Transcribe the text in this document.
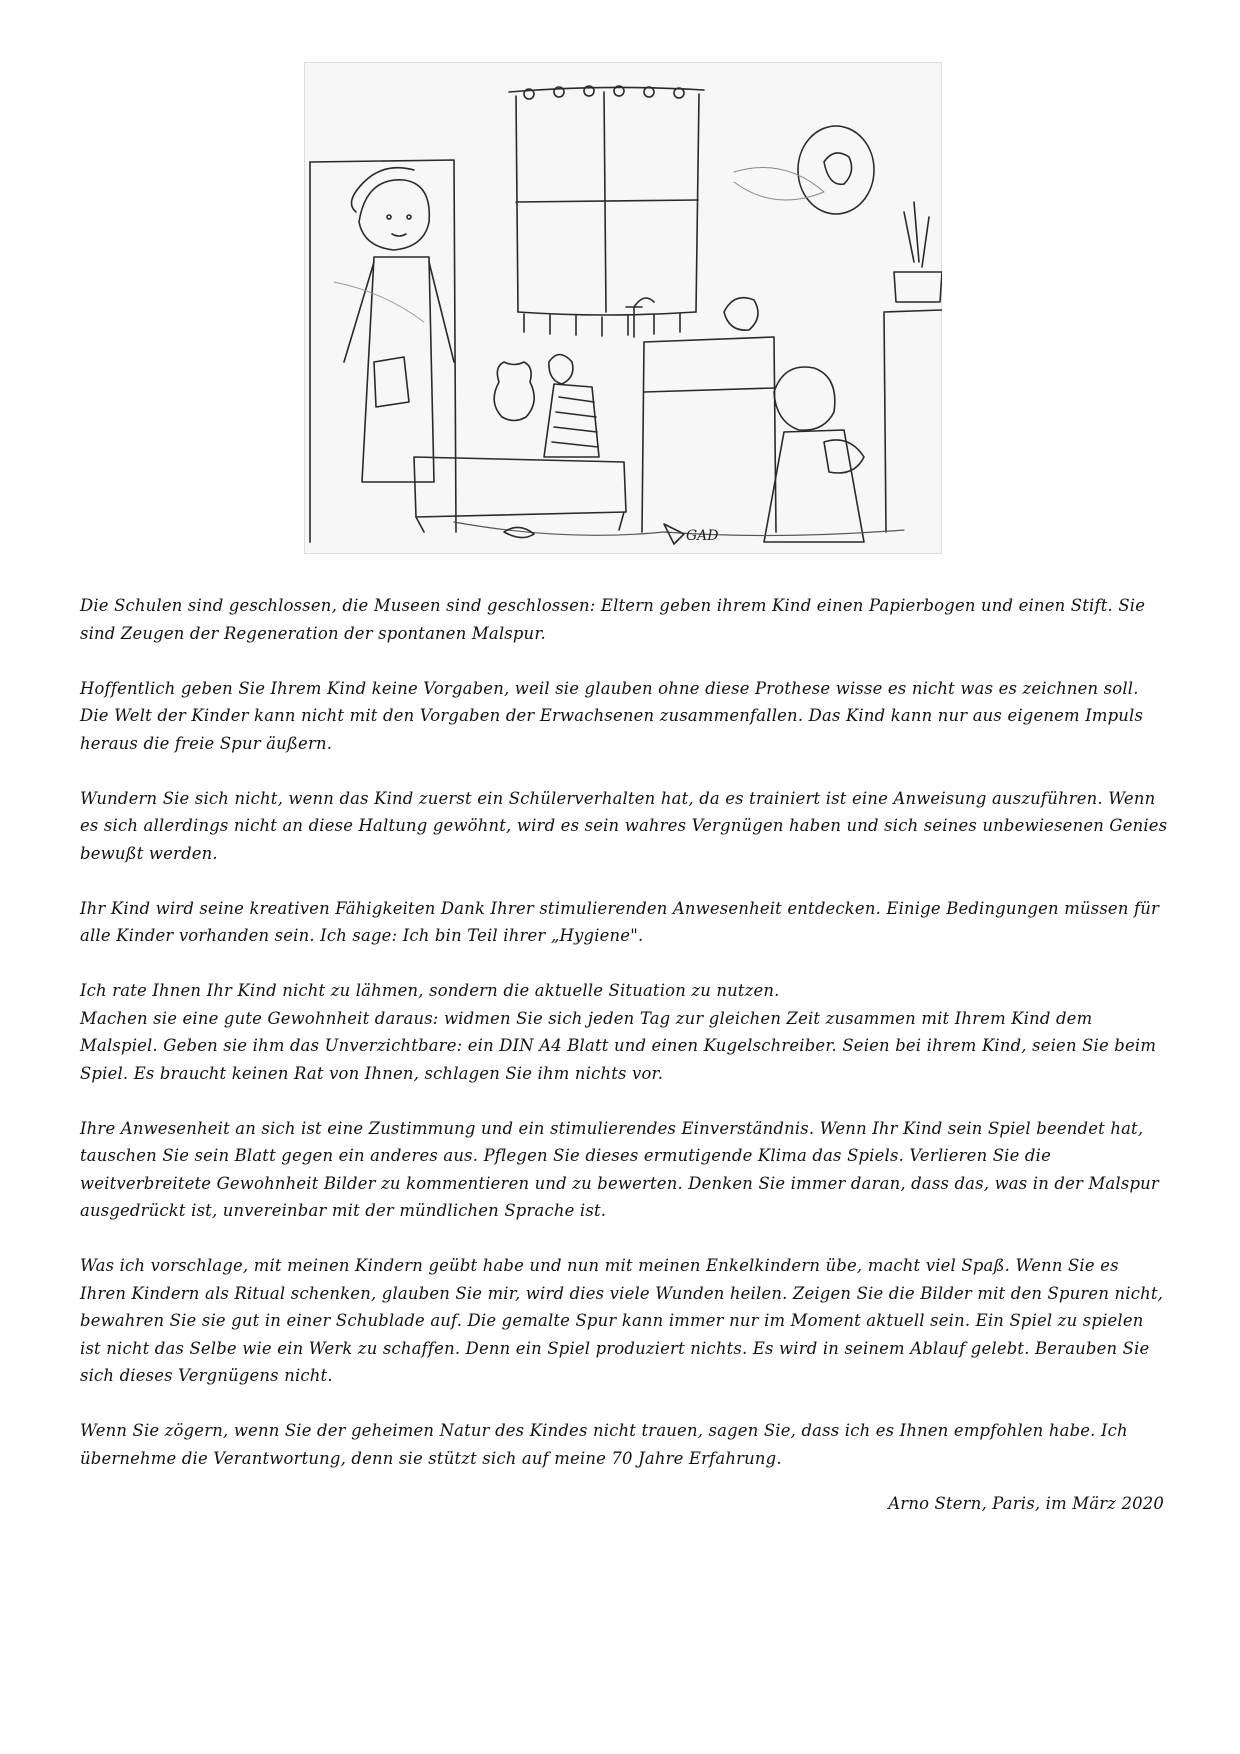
GAD

Die Schulen sind geschlossen, die Museen sind geschlossen: Eltern geben ihrem Kind einen Papierbogen und einen Stift. Sie sind Zeugen der Regeneration der spontanen Malspur.

Hoffentlich geben Sie Ihrem Kind keine Vorgaben, weil sie glauben ohne diese Prothese wisse es nicht was es zeichnen soll. Die Welt der Kinder kann nicht mit den Vorgaben der Erwachsenen zusammenfallen. Das Kind kann nur aus eigenem Impuls heraus die freie Spur äußern.

Wundern Sie sich nicht, wenn das Kind zuerst ein Schülerverhalten hat, da es trainiert ist eine Anweisung auszuführen. Wenn es sich allerdings nicht an diese Haltung gewöhnt, wird es sein wahres Vergnügen haben und sich seines unbewiesenen Genies bewußt werden.

Ihr Kind wird seine kreativen Fähigkeiten Dank Ihrer stimulierenden Anwesenheit entdecken. Einige Bedingungen müssen für alle Kinder vorhanden sein. Ich sage: Ich bin Teil ihrer „Hygiene".

Ich rate Ihnen Ihr Kind nicht zu lähmen, sondern die aktuelle Situation zu nutzen.
Machen sie eine gute Gewohnheit daraus: widmen Sie sich jeden Tag zur gleichen Zeit zusammen mit Ihrem Kind dem Malspiel. Geben sie ihm das Unverzichtbare: ein DIN A4 Blatt und einen Kugelschreiber. Seien bei ihrem Kind, seien Sie beim Spiel. Es braucht keinen Rat von Ihnen, schlagen Sie ihm nichts vor.

Ihre Anwesenheit an sich ist eine Zustimmung und ein stimulierendes Einverständnis. Wenn Ihr Kind sein Spiel beendet hat, tauschen Sie sein Blatt gegen ein anderes aus. Pflegen Sie dieses ermutigende Klima das Spiels. Verlieren Sie die weitverbreitete Gewohnheit Bilder zu kommentieren und zu bewerten. Denken Sie immer daran, dass das, was in der Malspur ausgedrückt ist, unvereinbar mit der mündlichen Sprache ist.

Was ich vorschlage, mit meinen Kindern geübt habe und nun mit meinen Enkelkindern übe, macht viel Spaß. Wenn Sie es Ihren Kindern als Ritual schenken, glauben Sie mir, wird dies viele Wunden heilen. Zeigen Sie die Bilder mit den Spuren nicht, bewahren Sie sie gut in einer Schublade auf. Die gemalte Spur kann immer nur im Moment aktuell sein. Ein Spiel zu spielen ist nicht das Selbe wie ein Werk zu schaffen. Denn ein Spiel produziert nichts. Es wird in seinem Ablauf gelebt. Berauben Sie sich dieses Vergnügens nicht.

Wenn Sie zögern, wenn Sie der geheimen Natur des Kindes nicht trauen, sagen Sie, dass ich es Ihnen empfohlen habe. Ich übernehme die Verantwortung, denn sie stützt sich auf meine 70 Jahre Erfahrung.

Arno Stern, Paris, im März 2020
